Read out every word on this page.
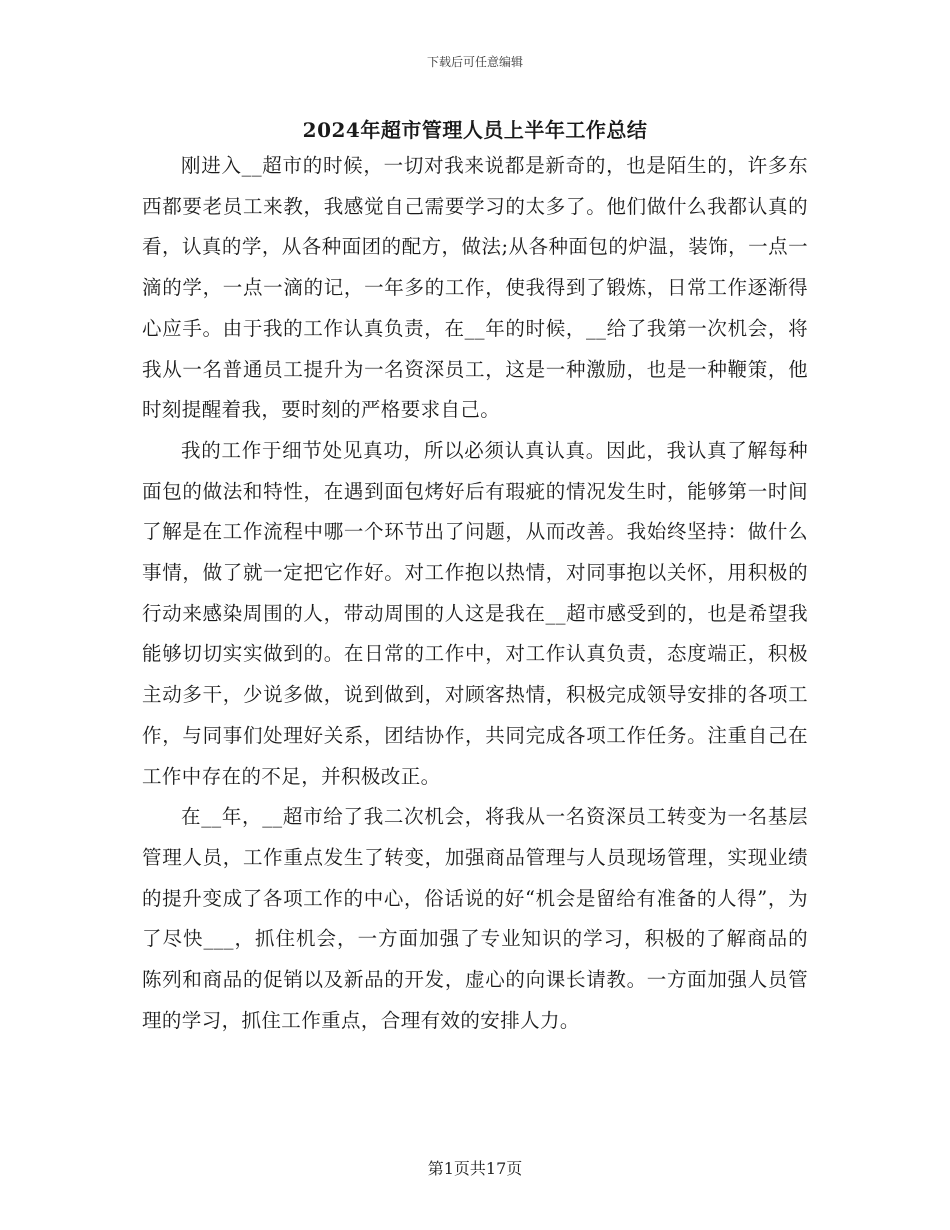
下载后可任意编辑
2024年超市管理人员上半年工作总结

刚进入__超市的时候，一切对我来说都是新奇的，也是陌生的，许多东西都要老员工来教，我感觉自己需要学习的太多了。他们做什么我都认真的看，认真的学，从各种面团的配方，做法;从各种面包的炉温，装饰，一点一滴的学，一点一滴的记，一年多的工作，使我得到了锻炼，日常工作逐渐得心应手。由于我的工作认真负责，在__年的时候，__给了我第一次机会，将我从一名普通员工提升为一名资深员工，这是一种激励，也是一种鞭策，他时刻提醒着我，要时刻的严格要求自己。

我的工作于细节处见真功，所以必须认真认真。因此，我认真了解每种面包的做法和特性，在遇到面包烤好后有瑕疵的情况发生时，能够第一时间了解是在工作流程中哪一个环节出了问题，从而改善。我始终坚持：做什么事情，做了就一定把它作好。对工作抱以热情，对同事抱以关怀，用积极的行动来感染周围的人，带动周围的人这是我在__超市感受到的，也是希望我能够切切实实做到的。在日常的工作中，对工作认真负责，态度端正，积极主动多干，少说多做，说到做到，对顾客热情，积极完成领导安排的各项工作，与同事们处理好关系，团结协作，共同完成各项工作任务。注重自己在工作中存在的不足，并积极改正。

在__年，__超市给了我二次机会，将我从一名资深员工转变为一名基层管理人员，工作重点发生了转变，加强商品管理与人员现场管理，实现业绩的提升变成了各项工作的中心，俗话说的好“机会是留给有准备的人得”，为了尽快___，抓住机会，一方面加强了专业知识的学习，积极的了解商品的陈列和商品的促销以及新品的开发，虚心的向课长请教。一方面加强人员管理的学习，抓住工作重点，合理有效的安排人力。

第1页共17页
